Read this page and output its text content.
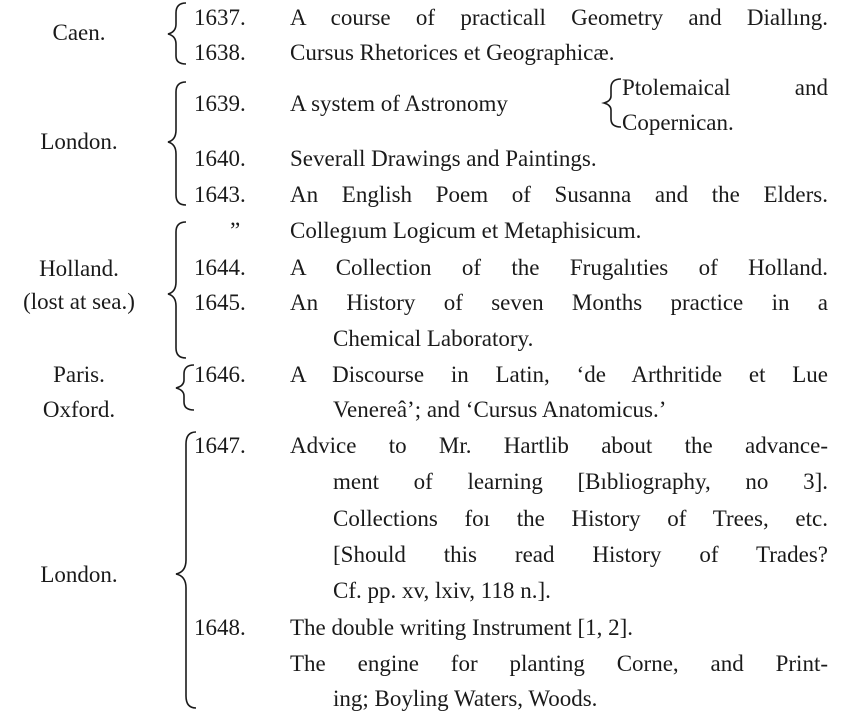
Caen.
London.
Holland.
(lost at sea.)
Paris.
Oxford.
London.
1637.
1638.
1639.
1640.
1643.
”
1644.
1645.
1646.
1647.
1648.
A course of practicall Geometry and Diallıng.
Cursus Rhetorices et Geographicæ.
A system of Astronomy
Ptolemaical and
Copernican.
Severall Drawings and Paintings.
An English Poem of Susanna and the Elders.
Collegıum Logicum et Metaphisicum.
A Collection of the Frugalıties of Holland.
An History of seven Months practice in a
Chemical Laboratory.
A Discourse in Latin, ‘de Arthritide et Lue
Venereâ’; and ‘Cursus Anatomicus.’
Advice to Mr. Hartlib about the advance-
ment of learning [Bıbliography, no 3].
Collections foı the History of Trees, etc.
[Should this read History of Trades?
Cf. pp. xv, lxiv, 118 n.].
The double writing Instrument [1, 2].
The engine for planting Corne, and Print-
ing; Boyling Waters, Woods.
